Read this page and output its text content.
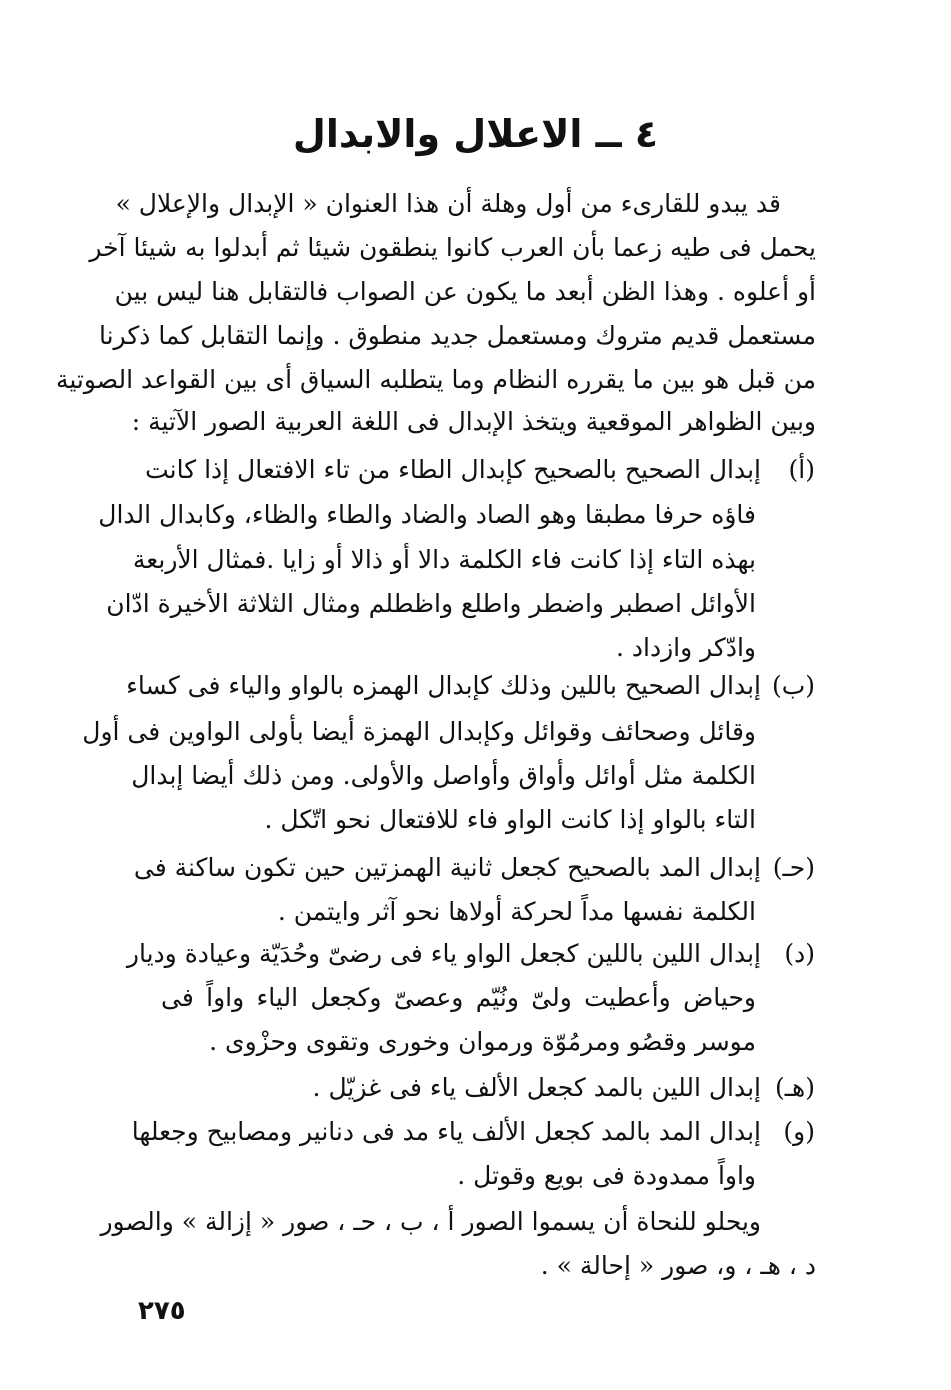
٤ ــ الاعلال والابدال
قد يبدو للقارىء من أول وهلة أن هذا العنوان « الإبدال والإعلال »
يحمل فى طيه زعما بأن العرب كانوا ينطقون شيئا ثم أبدلوا به شيئا آخر
أو أعلوه . وهذا الظن أبعد ما يكون عن الصواب فالتقابل هنا ليس بين
مستعمل قديم متروك ومستعمل جديد منطوق . وإنما التقابل كما ذكرنا
من قبل هو بين ما يقرره النظام وما يتطلبه السياق أى بين القواعد الصوتية
وبين الظواهر الموقعية ويتخذ الإبدال فى اللغة العربية الصور الآتية :
(أ)
إبدال الصحيح بالصحيح كإبدال الطاء من تاء الافتعال إذا كانت
فاؤه حرفا مطبقا وهو الصاد والضاد والطاء والظاء، وكابدال الدال
بهذه التاء إذا كانت فاء الكلمة دالا أو ذالا أو زايا .فمثال الأربعة
الأوائل اصطبر واضطر واطلع واظطلم ومثال الثلاثة الأخيرة ادّان
وادّكر وازداد .
(ب)
إبدال الصحيح باللين وذلك كإبدال الهمزه بالواو والياء فى كساء
وقائل وصحائف وقوائل وكإبدال الهمزة أيضا بأولى الواوين فى أول
الكلمة مثل أوائل وأواق وأواصل والأولى. ومن ذلك أيضا إبدال
التاء بالواو إذا كانت الواو فاء للافتعال نحو اتّكل .
(حـ)
إبدال المد بالصحيح كجعل ثانية الهمزتين حين تكون ساكنة فى
الكلمة نفسها مداً لحركة أولاها نحو آثر وايتمن .
(د)
إبدال اللين باللين كجعل الواو ياء فى رضىّ وحُدَيّة وعيادة وديار
وحياض وأعطيت ولىّ ونُيّم وعصىّ وكجعل الياء واواً فى
موسر وقصُو ومرمُوّة ورموان وخورى وتقوى وحزْوى .
(هـ)
إبدال اللين بالمد كجعل الألف ياء فى غزيّل .
(و)
إبدال المد بالمد كجعل الألف ياء مد فى دنانير ومصابيح وجعلها
واواً ممدودة فى بويع وقوتل .
ويحلو للنحاة أن يسموا الصور أ ، ب ، حـ ، صور « إزالة » والصور
د ، هـ ، و، صور « إحالة » .
٢٧٥
